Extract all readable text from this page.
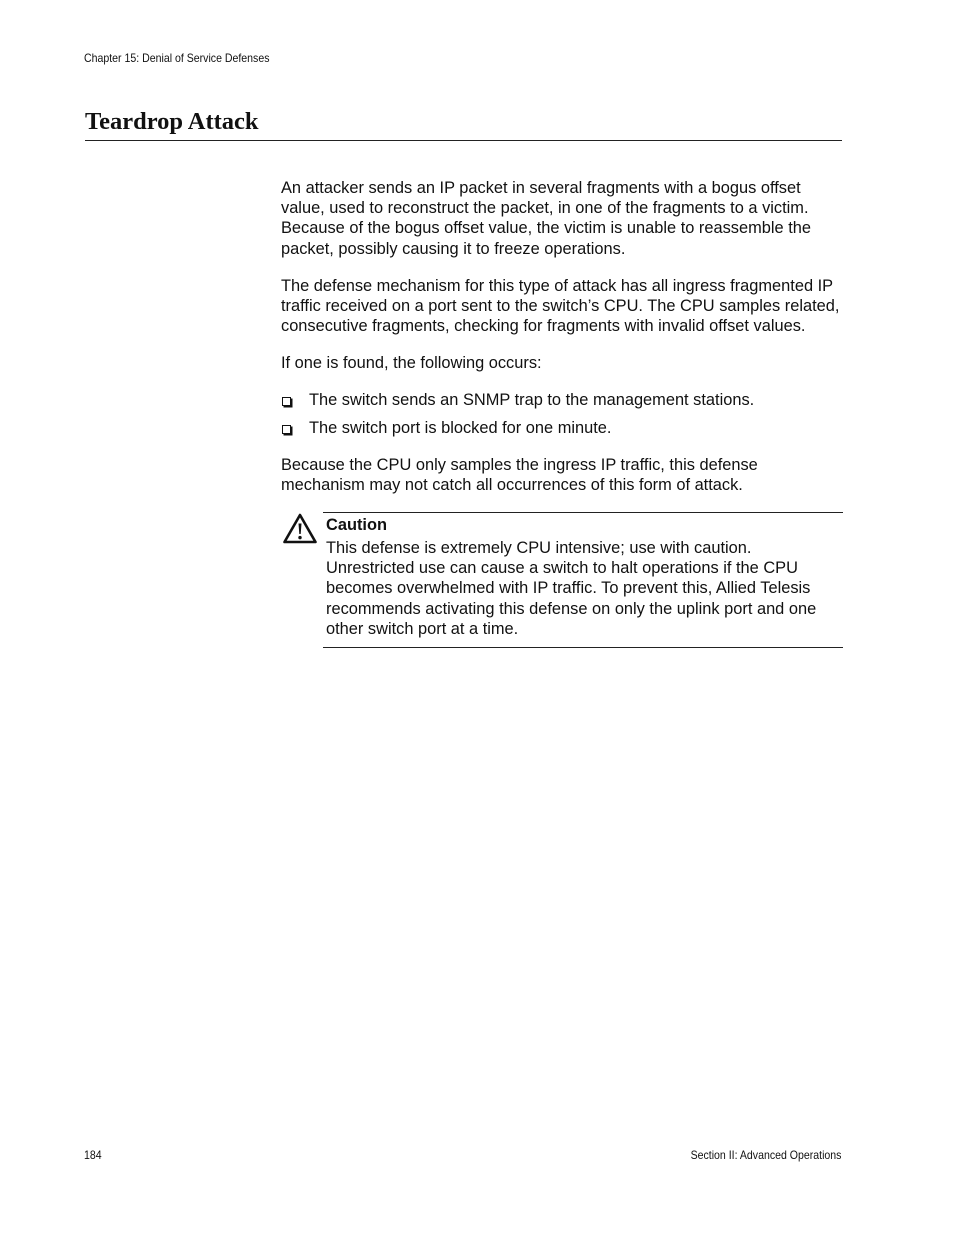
Chapter 15: Denial of Service Defenses
Teardrop Attack

An attacker sends an IP packet in several fragments with a bogus offset value, used to reconstruct the packet, in one of the fragments to a victim. Because of the bogus offset value, the victim is unable to reassemble the packet, possibly causing it to freeze operations.

The defense mechanism for this type of attack has all ingress fragmented IP traffic received on a port sent to the switch’s CPU. The CPU samples related, consecutive fragments, checking for fragments with invalid offset values.

If one is found, the following occurs:

The switch sends an SNMP trap to the management stations.
The switch port is blocked for one minute.

Because the CPU only samples the ingress IP traffic, this defense mechanism may not catch all occurrences of this form of attack.

Caution
This defense is extremely CPU intensive; use with caution. Unrestricted use can cause a switch to halt operations if the CPU becomes overwhelmed with IP traffic. To prevent this, Allied Telesis recommends activating this defense on only the uplink port and one other switch port at a time.
184	Section II: Advanced Operations
